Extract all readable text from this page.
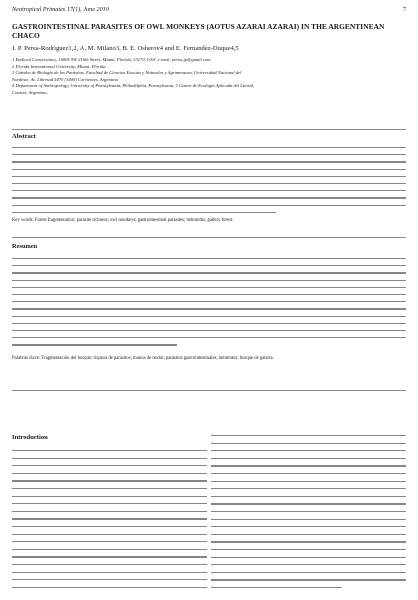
Neotropical Primates 17(1), June 2010	7
GASTROINTESTINAL PARASITES OF OWL MONKEYS (AOTUS AZARAI AZARAI) IN THE ARGENTINEAN CHACO
J. P. Perea-Rodriguez1,2, A. M. Milano3, B. E. Osherov4 and E. Fernandez-Duque4,5
1 Endicott Conservancy, 14005 SW 216th Street, Miami, Florida, 33170, USA, e-mail: perea.jp@gmail.com
2 Florida International University, Miami, Florida
3 Cátedra de Biología de los Parásitos, Facultad de Ciencias Exactas y Naturales y Agrimensura, Universidad Nacional del
Nordeste, Av. Libertad 5470 (3400) Corrientes, Argentina
4 Department of Anthropology, University of Pennsylvania, Philadelphia, Pennsylvania, 5 Centro de Ecología Aplicada del Litoral,
Conicet, Argentina.
Abstract
Key words: Forest fragmentation; parasite richness; owl monkeys; gastrointestinal parasites; helminths; gallery forest.
Resumen
Palabras clave: Fragmentación del bosque; riqueza de parásitos; monos de noche; parásitos gastrointestinales; helmintos; bosque de galería.
Introduction
